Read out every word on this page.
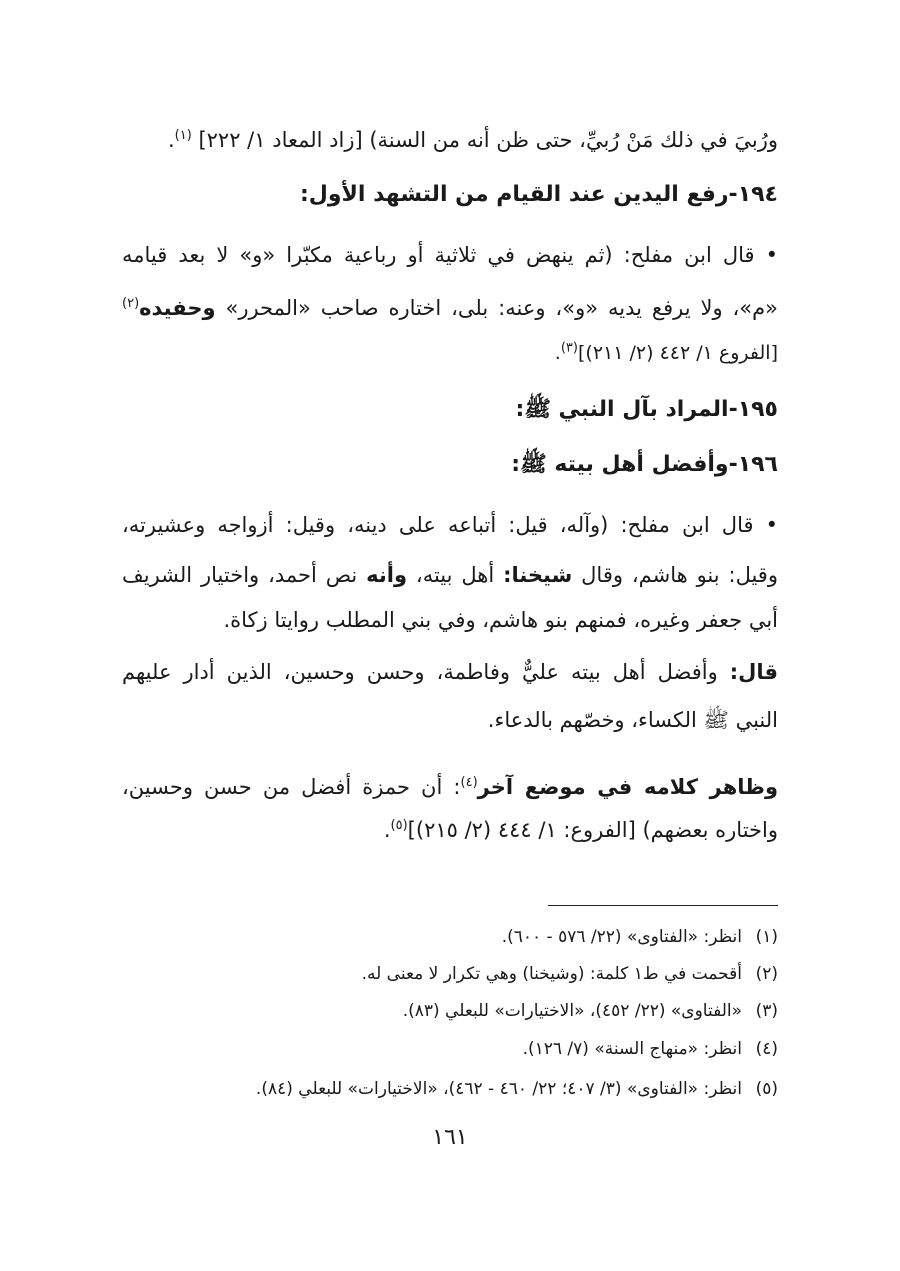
ورُبيَ في ذلك مَنْ رُبيِّ، حتى ظن أنه من السنة) [زاد المعاد ١/ ٢٢٢] $^{(١)}$.
١٩٤-رفع اليدين عند القيام من التشهد الأول:
• قال ابن مفلح: (ثم ينهض في ثلاثية أو رباعية مكبّرا «و» لا بعد قيامه
«م»، ولا يرفع يديه «و»، وعنه: بلى، اختاره صاحب «المحرر» وحفيده$^{(٢)}$
[الفروع ١/ ٤٤٢ (٢/ ٢١١)]$^{(٣)}$.
١٩٥-المراد بآل النبي ﷺ:
١٩٦-وأفضل أهل بيته ﷺ:
• قال ابن مفلح: (وآله، قيل: أتباعه على دينه، وقيل: أزواجه وعشيرته،
وقيل: بنو هاشم، وقال شيخنا: أهل بيته، وأنه نص أحمد، واختيار الشريف
أبي جعفر وغيره، فمنهم بنو هاشم، وفي بني المطلب روايتا زكاة.
قال: وأفضل أهل بيته عليٌّ وفاطمة، وحسن وحسين، الذين أدار عليهم
النبي ﷺ الكساء، وخصّهم بالدعاء.
وظاهر كلامه في موضع آخر$^{(٤)}$: أن حمزة أفضل من حسن وحسين،
واختاره بعضهم) [الفروع: ١/ ٤٤٤ (٢/ ٢١٥)]$^{(٥)}$.
(١)انظر: «الفتاوى» (٢٢/ ٥٧٦ - ٦٠٠).
(٢)أقحمت في ط١ كلمة: (وشيخنا) وهي تكرار لا معنى له.
(٣)«الفتاوى» (٢٢/ ٤٥٢)، «الاختيارات» للبعلي (٨٣).
(٤)انظر: «منهاج السنة» (٧/ ١٢٦).
(٥)انظر: «الفتاوى» (٣/ ٤٠٧؛ ٢٢/ ٤٦٠ - ٤٦٢)، «الاختيارات» للبعلي (٨٤).
١٦١
